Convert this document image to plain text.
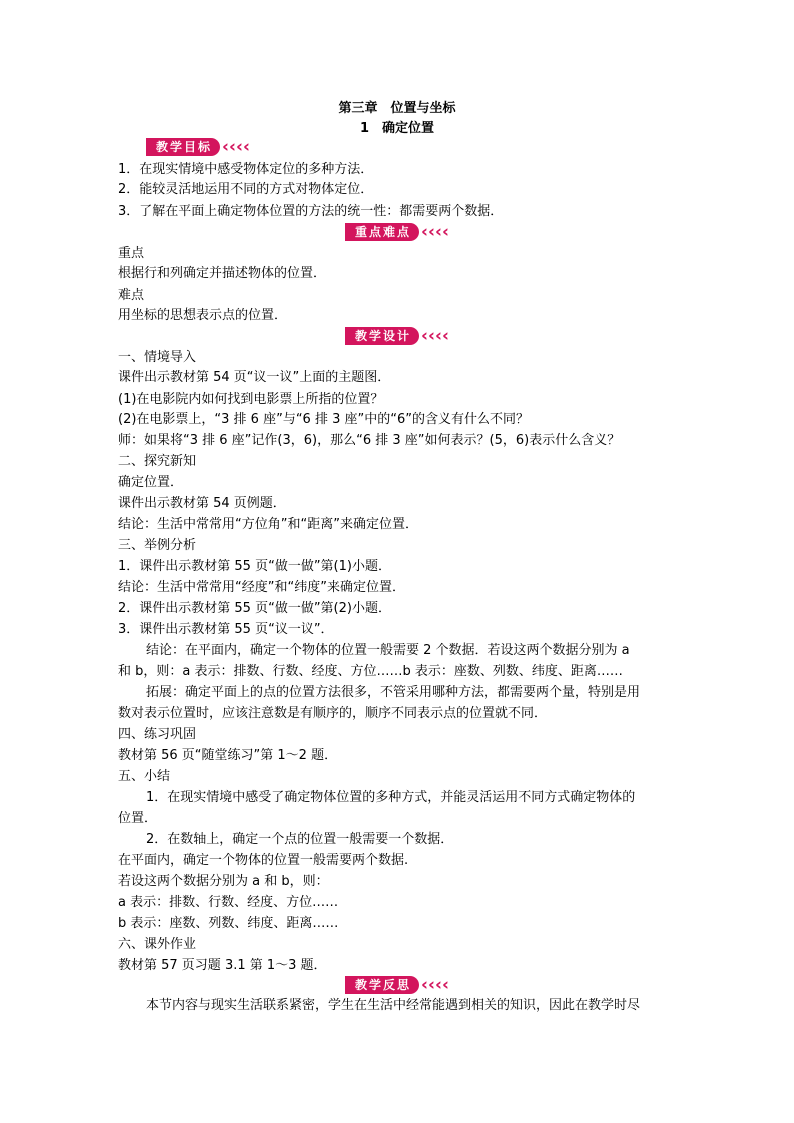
第三章　位置与坐标
1　确定位置
教学目标 ‹‹‹‹
1．在现实情境中感受物体定位的多种方法．
2．能较灵活地运用不同的方式对物体定位．
3．了解在平面上确定物体位置的方法的统一性：都需要两个数据．
重点难点 ‹‹‹‹
重点
根据行和列确定并描述物体的位置．
难点
用坐标的思想表示点的位置．
教学设计 ‹‹‹‹
一、情境导入
课件出示教材第 54 页“议一议”上面的主题图．
(1)在电影院内如何找到电影票上所指的位置？
(2)在电影票上，“3 排 6 座”与“6 排 3 座”中的“6”的含义有什么不同？
师：如果将“3 排 6 座”记作(3，6)，那么“6 排 3 座”如何表示？(5，6)表示什么含义？
二、探究新知
确定位置．
课件出示教材第 54 页例题．
结论：生活中常常用“方位角”和“距离”来确定位置．
三、举例分析
1．课件出示教材第 55 页“做一做”第(1)小题．
结论：生活中常常用“经度”和“纬度”来确定位置．
2．课件出示教材第 55 页“做一做”第(2)小题．
3．课件出示教材第 55 页“议一议”．
结论：在平面内，确定一个物体的位置一般需要 2 个数据．若设这两个数据分别为 a
和 b，则：a 表示：排数、行数、经度、方位……b 表示：座数、列数、纬度、距离……
拓展：确定平面上的点的位置方法很多，不管采用哪种方法，都需要两个量，特别是用
数对表示位置时，应该注意数是有顺序的，顺序不同表示点的位置就不同．
四、练习巩固
教材第 56 页“随堂练习”第 1～2 题．
五、小结
1．在现实情境中感受了确定物体位置的多种方式，并能灵活运用不同方式确定物体的
位置．
2．在数轴上，确定一个点的位置一般需要一个数据．
在平面内，确定一个物体的位置一般需要两个数据.
若设这两个数据分别为 a 和 b，则：
a 表示：排数、行数、经度、方位……
b 表示：座数、列数、纬度、距离……
六、课外作业
教材第 57 页习题 3.1 第 1～3 题．
教学反思 ‹‹‹‹
本节内容与现实生活联系紧密，学生在生活中经常能遇到相关的知识，因此在教学时尽
